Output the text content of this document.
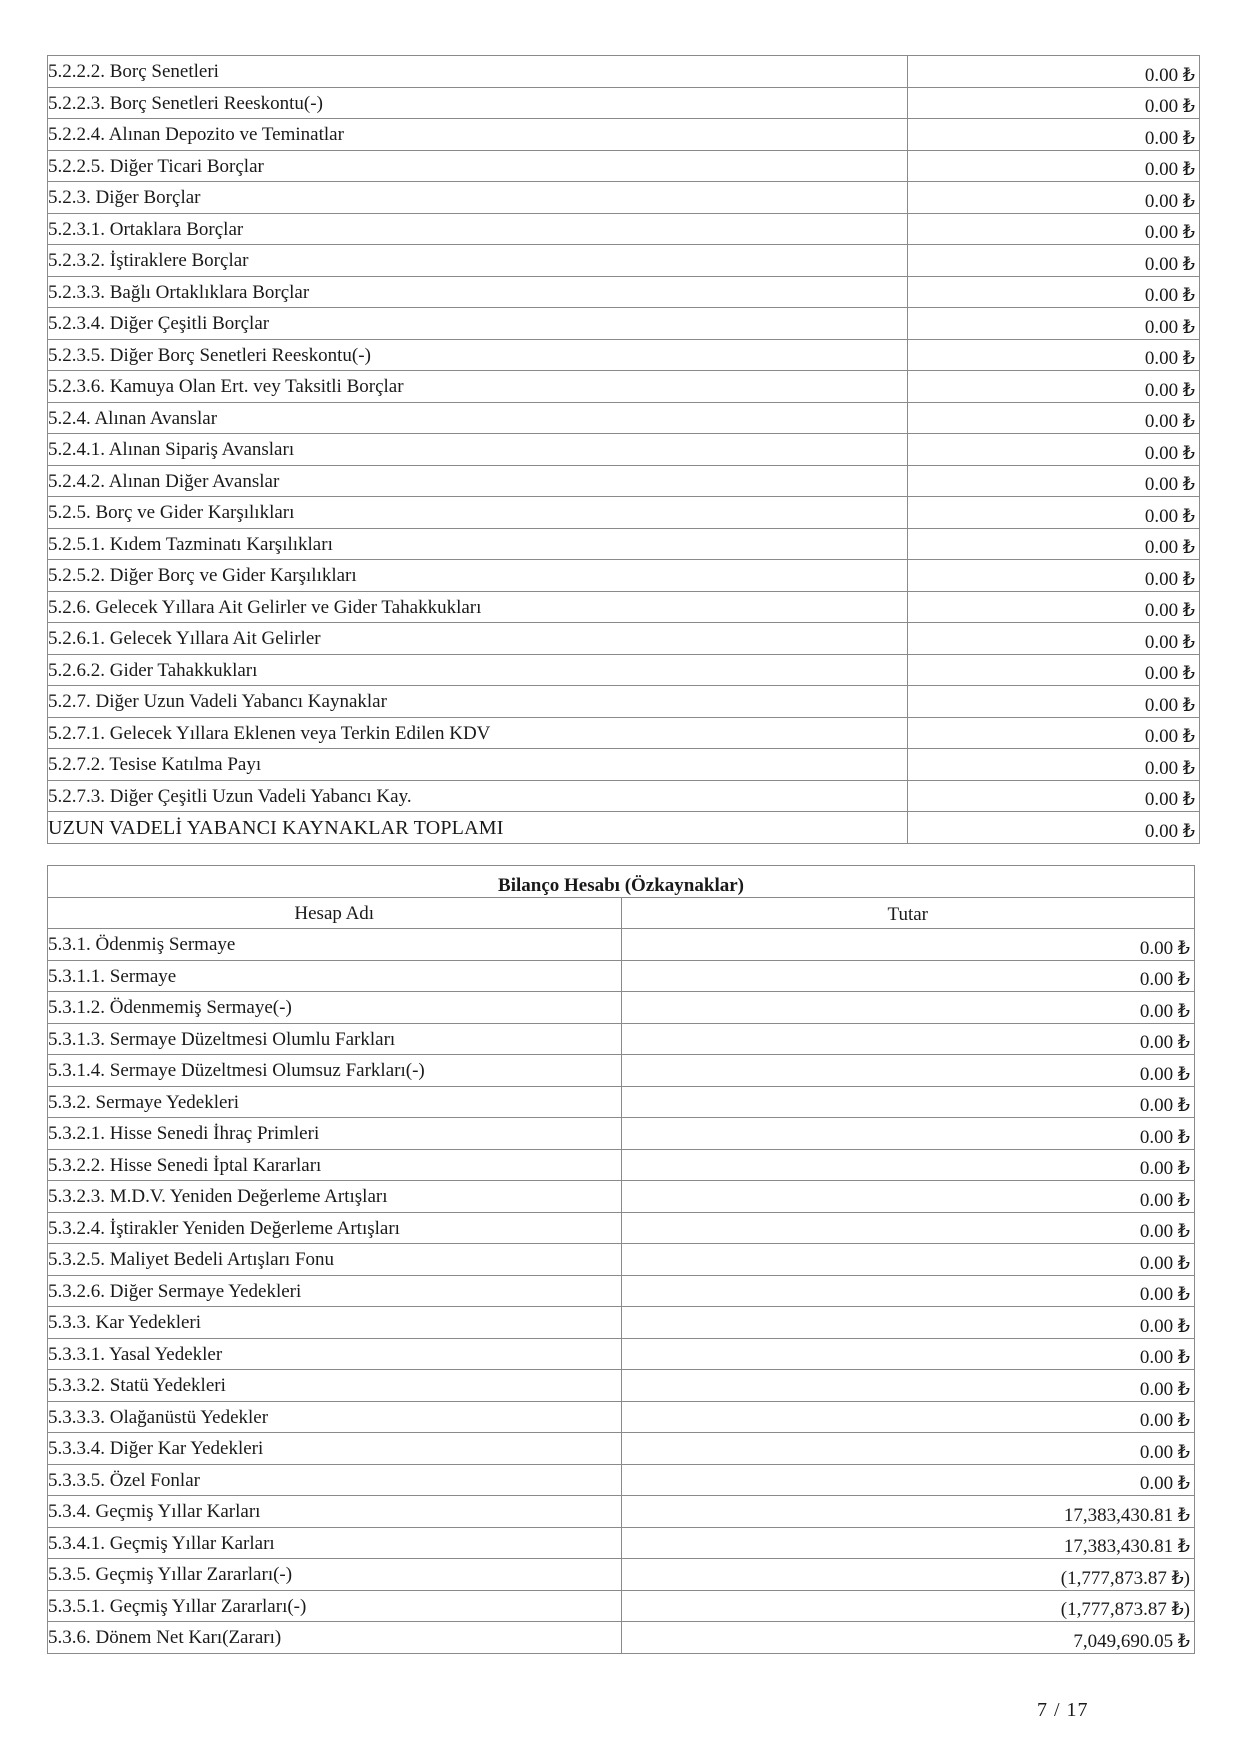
5.2.2.2. Borç Senetleri	0.00 ₺
5.2.2.3. Borç Senetleri Reeskontu(-)	0.00 ₺
5.2.2.4. Alınan Depozito ve Teminatlar	0.00 ₺
5.2.2.5. Diğer Ticari Borçlar	0.00 ₺
5.2.3. Diğer Borçlar	0.00 ₺
5.2.3.1. Ortaklara Borçlar	0.00 ₺
5.2.3.2. İştiraklere Borçlar	0.00 ₺
5.2.3.3. Bağlı Ortaklıklara Borçlar	0.00 ₺
5.2.3.4. Diğer Çeşitli Borçlar	0.00 ₺
5.2.3.5. Diğer Borç Senetleri Reeskontu(-)	0.00 ₺
5.2.3.6. Kamuya Olan Ert. vey Taksitli Borçlar	0.00 ₺
5.2.4. Alınan Avanslar	0.00 ₺
5.2.4.1. Alınan Sipariş Avansları	0.00 ₺
5.2.4.2. Alınan Diğer Avanslar	0.00 ₺
5.2.5. Borç ve Gider Karşılıkları	0.00 ₺
5.2.5.1. Kıdem Tazminatı Karşılıkları	0.00 ₺
5.2.5.2. Diğer Borç ve Gider Karşılıkları	0.00 ₺
5.2.6. Gelecek Yıllara Ait Gelirler ve Gider Tahakkukları	0.00 ₺
5.2.6.1. Gelecek Yıllara Ait Gelirler	0.00 ₺
5.2.6.2. Gider Tahakkukları	0.00 ₺
5.2.7. Diğer Uzun Vadeli Yabancı Kaynaklar	0.00 ₺
5.2.7.1. Gelecek Yıllara Eklenen veya Terkin Edilen KDV	0.00 ₺
5.2.7.2. Tesise Katılma Payı	0.00 ₺
5.2.7.3. Diğer Çeşitli Uzun Vadeli Yabancı Kay.	0.00 ₺
UZUN VADELİ YABANCI KAYNAKLAR TOPLAMI	0.00 ₺
Bilanço Hesabı (Özkaynaklar)	
Hesap Adı	Tutar
5.3.1. Ödenmiş Sermaye	0.00 ₺
5.3.1.1. Sermaye	0.00 ₺
5.3.1.2. Ödenmemiş Sermaye(-)	0.00 ₺
5.3.1.3. Sermaye Düzeltmesi Olumlu Farkları	0.00 ₺
5.3.1.4. Sermaye Düzeltmesi Olumsuz Farkları(-)	0.00 ₺
5.3.2. Sermaye Yedekleri	0.00 ₺
5.3.2.1. Hisse Senedi İhraç Primleri	0.00 ₺
5.3.2.2. Hisse Senedi İptal Kararları	0.00 ₺
5.3.2.3. M.D.V. Yeniden Değerleme Artışları	0.00 ₺
5.3.2.4. İştirakler Yeniden Değerleme Artışları	0.00 ₺
5.3.2.5. Maliyet Bedeli Artışları Fonu	0.00 ₺
5.3.2.6. Diğer Sermaye Yedekleri	0.00 ₺
5.3.3. Kar Yedekleri	0.00 ₺
5.3.3.1. Yasal Yedekler	0.00 ₺
5.3.3.2. Statü Yedekleri	0.00 ₺
5.3.3.3. Olağanüstü Yedekler	0.00 ₺
5.3.3.4. Diğer Kar Yedekleri	0.00 ₺
5.3.3.5. Özel Fonlar	0.00 ₺
5.3.4. Geçmiş Yıllar Karları	17,383,430.81 ₺
5.3.4.1. Geçmiş Yıllar Karları	17,383,430.81 ₺
5.3.5. Geçmiş Yıllar Zararları(-)	(1,777,873.87 ₺)
5.3.5.1. Geçmiş Yıllar Zararları(-)	(1,777,873.87 ₺)
5.3.6. Dönem Net Karı(Zararı)	7,049,690.05 ₺
7 / 17
